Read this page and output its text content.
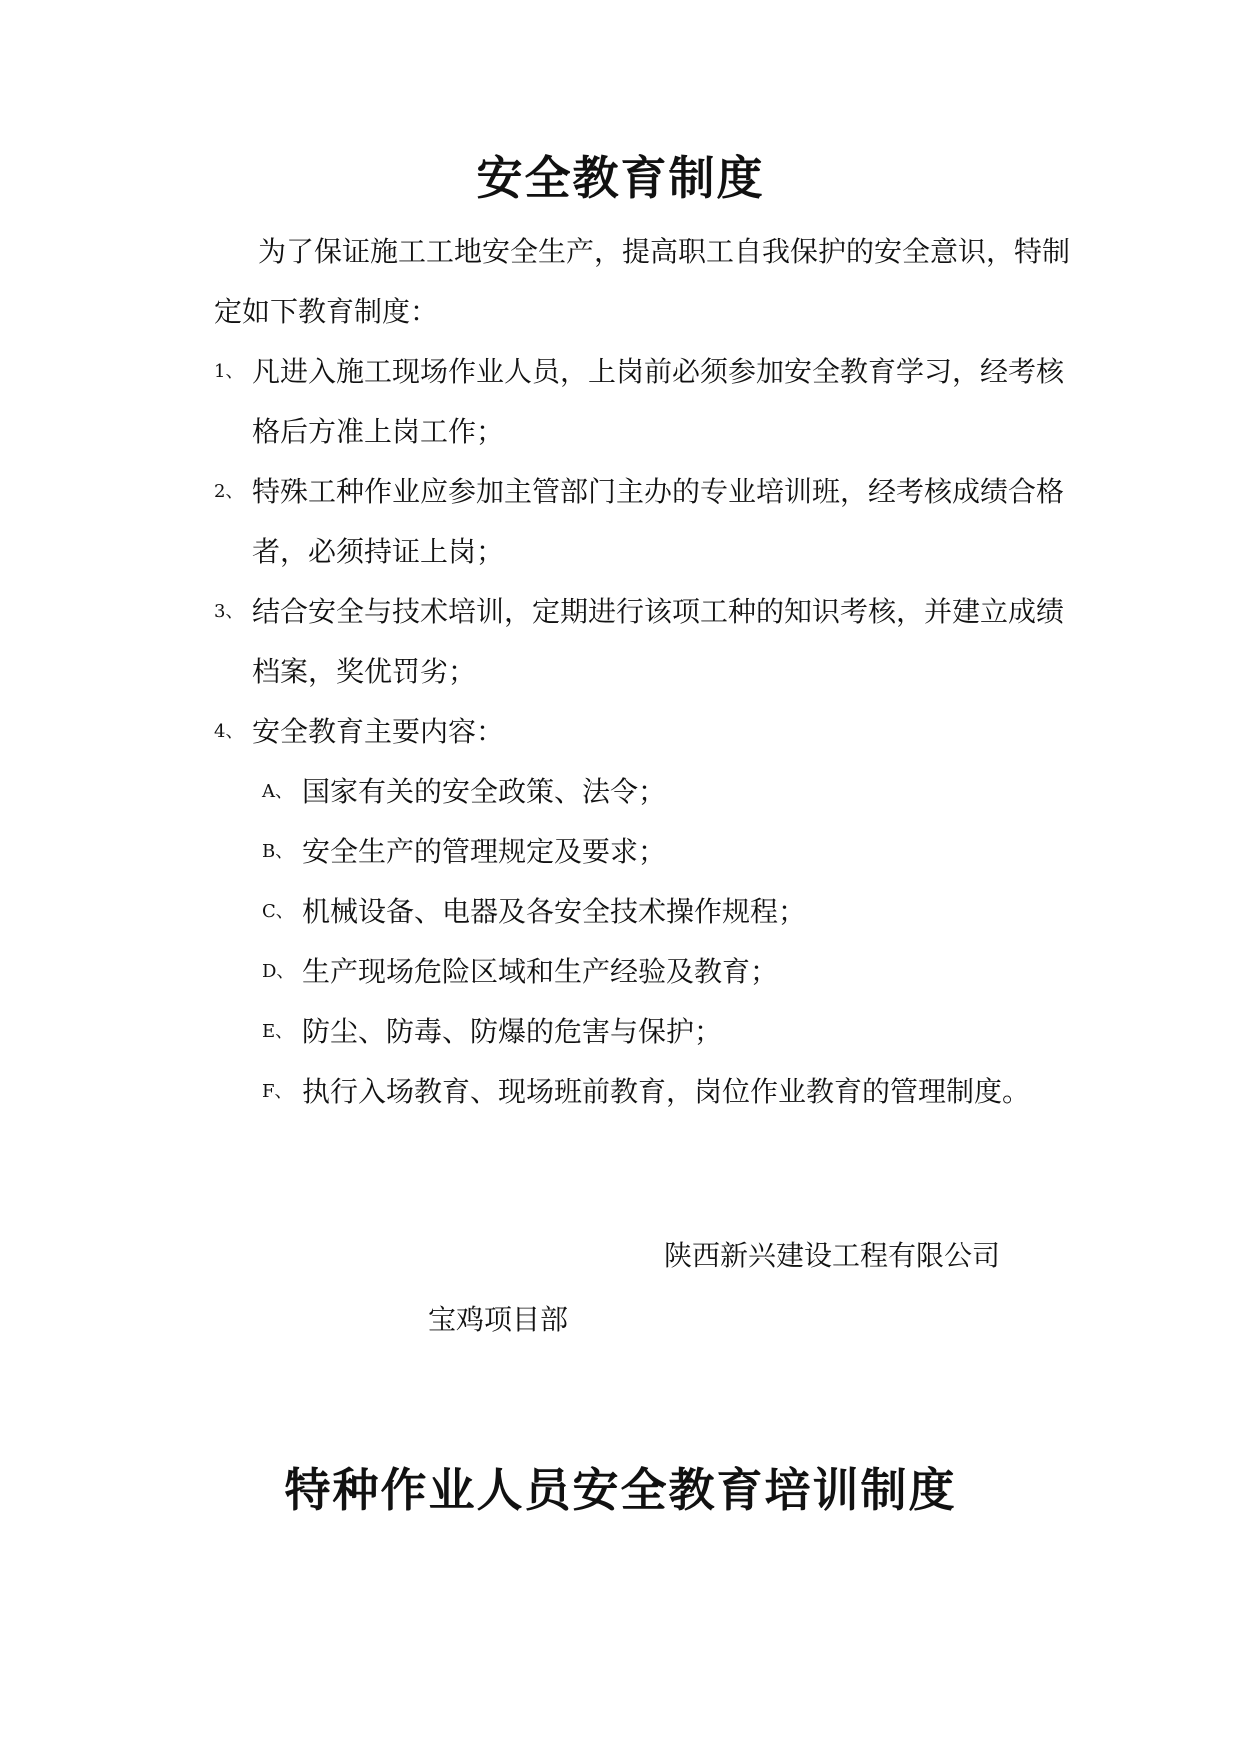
安全教育制度

为了保证施工工地安全生产，提高职工自我保护的安全意识，特制定如下教育制度：

1、 凡进入施工现场作业人员，上岗前必须参加安全教育学习，经考核格后方准上岗工作；
2、 特殊工种作业应参加主管部门主办的专业培训班，经考核成绩合格者，必须持证上岗；
3、 结合安全与技术培训，定期进行该项工种的知识考核，并建立成绩档案，奖优罚劣；
4、 安全教育主要内容：
A、 国家有关的安全政策、法令；
B、 安全生产的管理规定及要求；
C、 机械设备、电器及各安全技术操作规程；
D、 生产现场危险区域和生产经验及教育；
E、 防尘、防毒、防爆的危害与保护；
F、 执行入场教育、现场班前教育，岗位作业教育的管理制度。

陕西新兴建设工程有限公司

宝鸡项目部

特种作业人员安全教育培训制度
